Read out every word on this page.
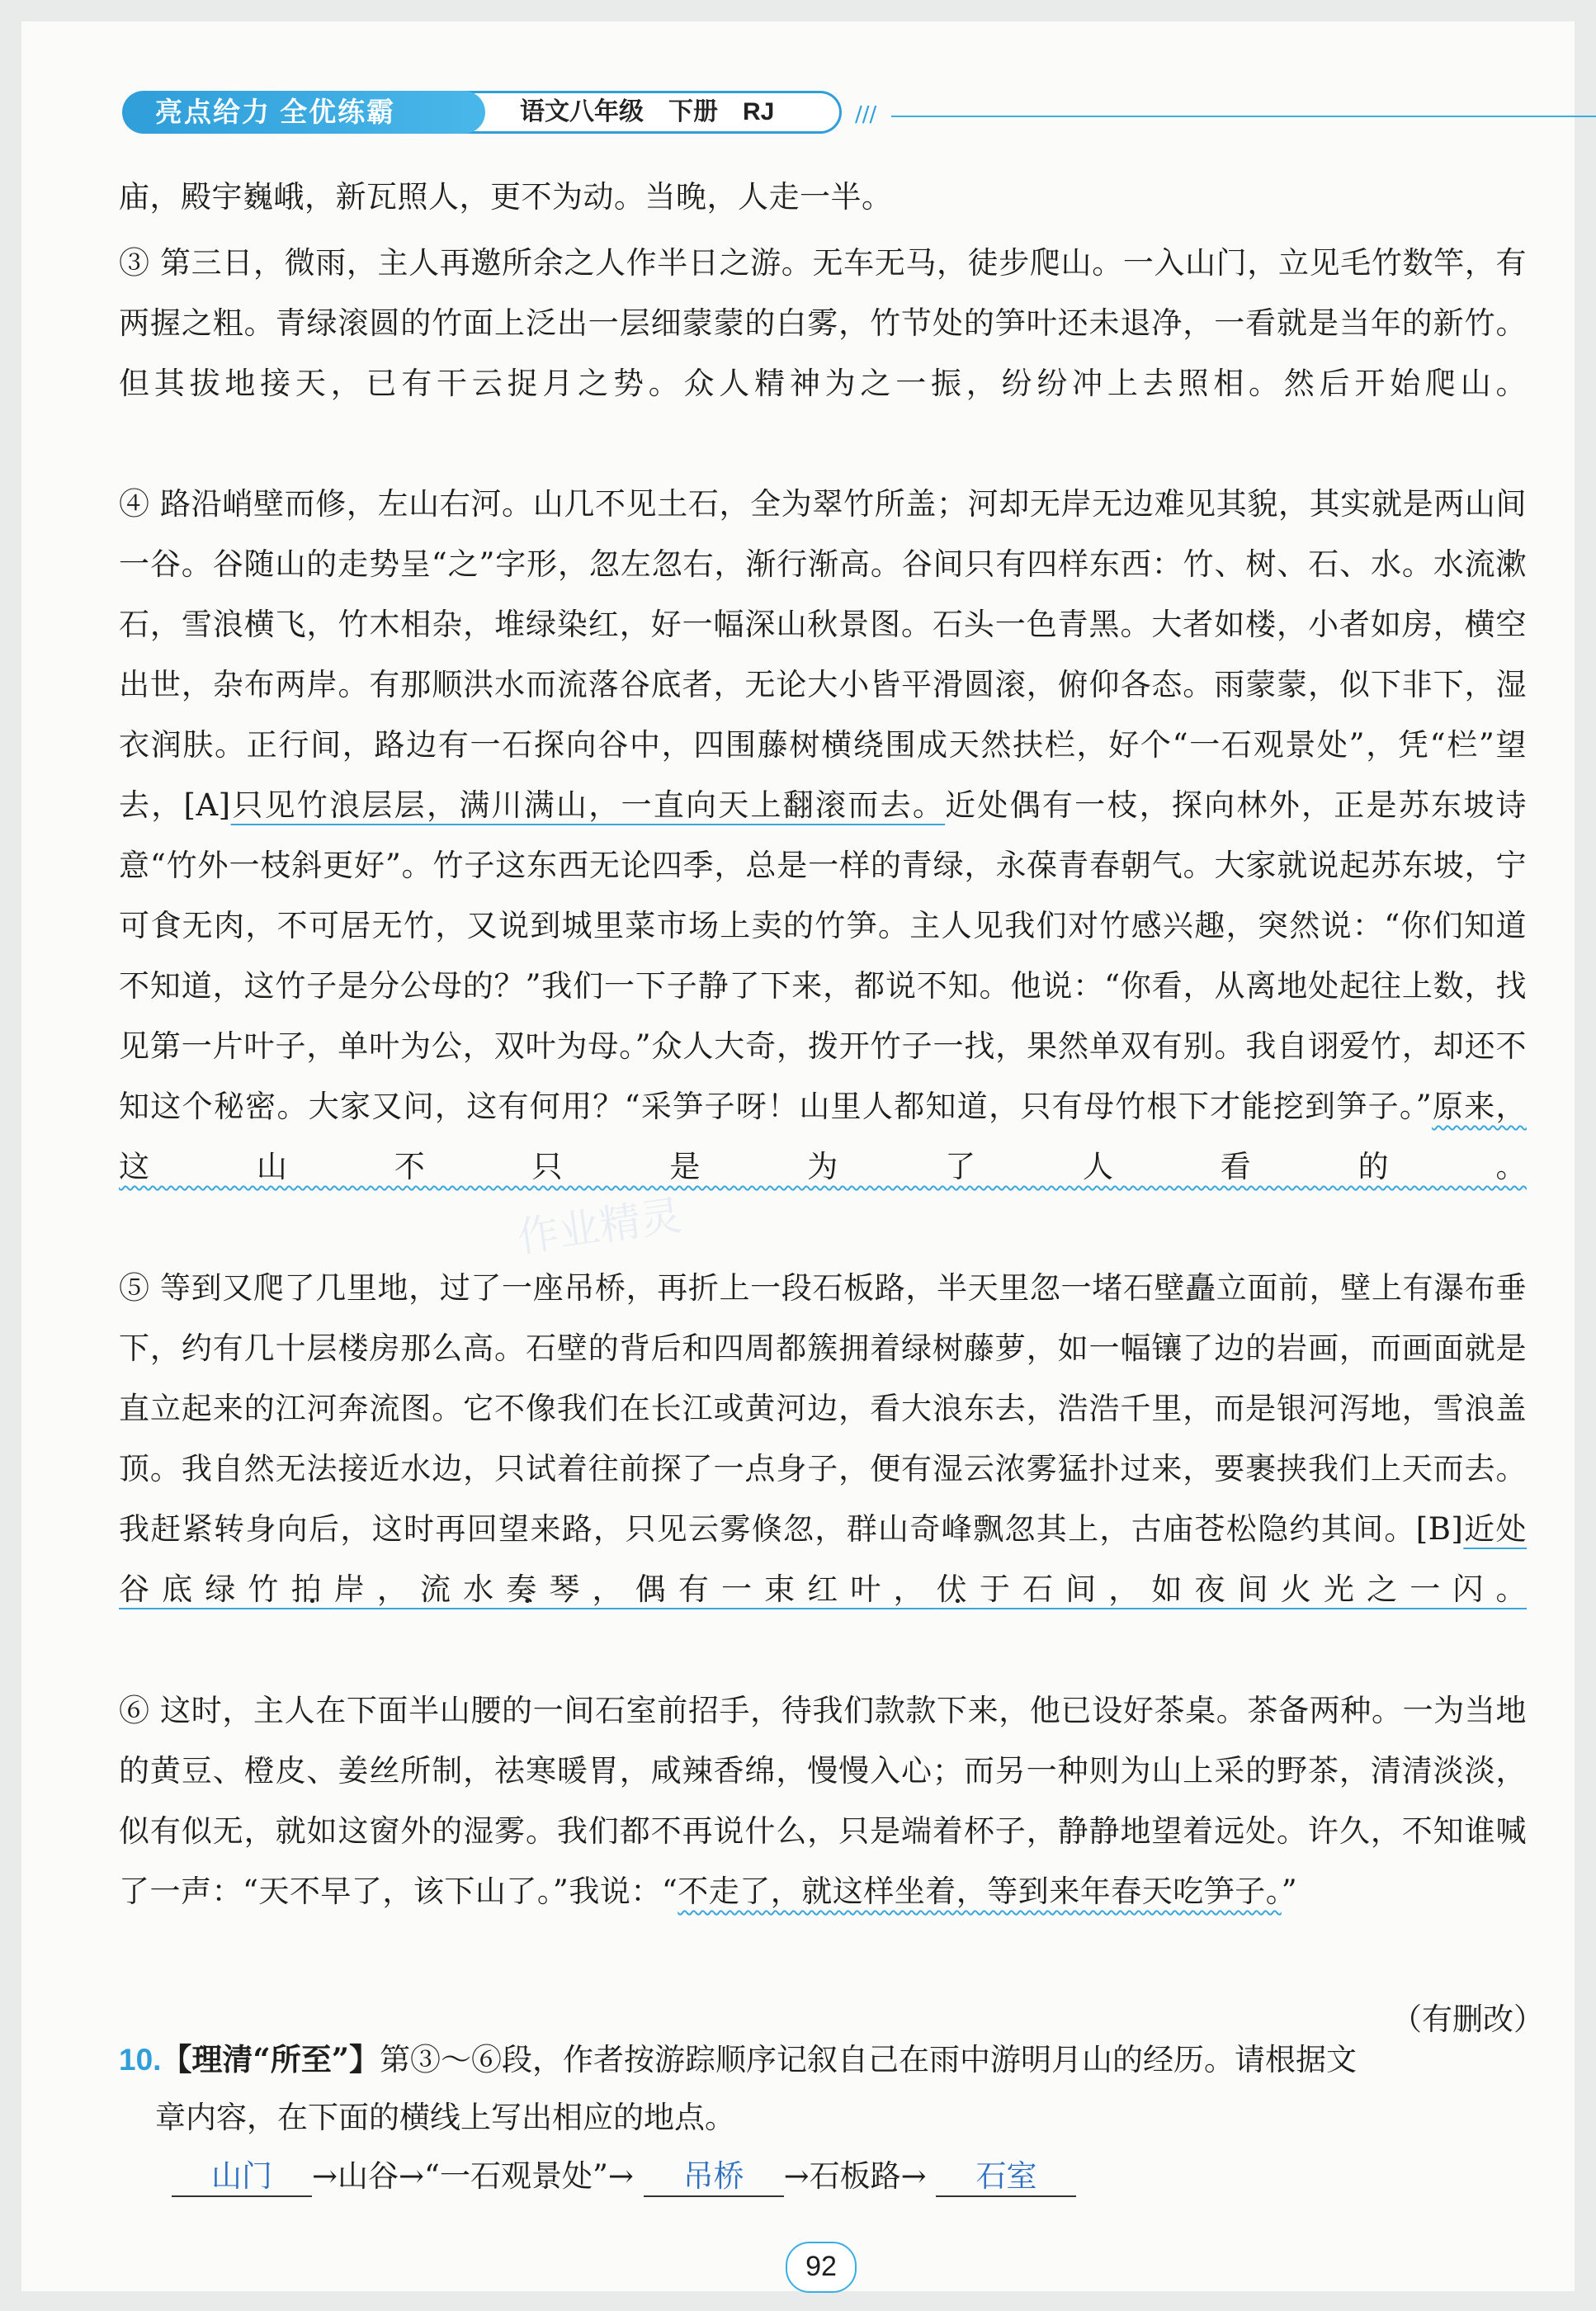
语文八年级　下册　RJ
亮点给力 全优练霸	///
庙，殿宇巍峨，新瓦照人，更不为动。当晚，人走一半。
③ 第三日，微雨，主人再邀所余之人作半日之游。无车无马，徒步爬山。一入山门，立见毛竹数竿，有两握之粗。青绿滚圆的竹面上泛出一层细蒙蒙的白雾，竹节处的笋叶还未退净，一看就是当年的新竹。但其拔地接天，已有干云捉月之势。众人精神为之一振，纷纷冲上去照相。然后开始爬山。
④ 路沿峭壁而修，左山右河。山几不见土石，全为翠竹所盖；河却无岸无边难见其貌，其实就是两山间一谷。谷随山的走势呈“之”字形，忽左忽右，渐行渐高。谷间只有四样东西：竹、树、石、水。水流漱石，雪浪横飞，竹木相杂，堆绿染红，好一幅深山秋景图。石头一色青黑。大者如楼，小者如房，横空出世，杂布两岸。有那顺洪水而流落谷底者，无论大小皆平滑圆滚，俯仰各态。雨蒙蒙，似下非下，湿衣润肤。正行间，路边有一石探向谷中，四围藤树横绕围成天然扶栏，好个“一石观景处”，凭“栏”望去，[A]只见竹浪层层，满川满山，一直向天上翻滚而去。近处偶有一枝，探向林外，正是苏东坡诗意“竹外一枝斜更好”。竹子这东西无论四季，总是一样的青绿，永葆青春朝气。大家就说起苏东坡，宁可食无肉，不可居无竹，又说到城里菜市场上卖的竹笋。主人见我们对竹感兴趣，突然说：“你们知道不知道，这竹子是分公母的？”我们一下子静了下来，都说不知。他说：“你看，从离地处起往上数，找见第一片叶子，单叶为公，双叶为母。”众人大奇，拨开竹子一找，果然单双有别。我自诩爱竹，却还不知这个秘密。大家又问，这有何用？“采笋子呀！山里人都知道，只有母竹根下才能挖到笋子。”原来，这山不只是为了人看的。
⑤ 等到又爬了几里地，过了一座吊桥，再折上一段石板路，半天里忽一堵石壁矗立面前，壁上有瀑布垂下，约有几十层楼房那么高。石壁的背后和四周都簇拥着绿树藤萝，如一幅镶了边的岩画，而画面就是直立起来的江河奔流图。它不像我们在长江或黄河边，看大浪东去，浩浩千里，而是银河泻地，雪浪盖顶。我自然无法接近水边，只试着往前探了一点身子，便有湿云浓雾猛扑过来，要裹挟我们上天而去。我赶紧转身向后，这时再回望来路，只见云雾倏忽，群山奇峰飘忽其上，古庙苍松隐约其间。[B]近处谷底绿竹拍岸，流水奏琴，偶有一束红叶，伏于石间，如夜间火光之一闪。
⑥ 这时，主人在下面半山腰的一间石室前招手，待我们款款下来，他已设好茶桌。茶备两种。一为当地的黄豆、橙皮、姜丝所制，祛寒暖胃，咸辣香绵，慢慢入心；而另一种则为山上采的野茶，清清淡淡，似有似无，就如这窗外的湿雾。我们都不再说什么，只是端着杯子，静静地望着远处。许久，不知谁喊了一声：“天不早了，该下山了。”我说：“不走了，就这样坐着，等到来年春天吃笋子。”
（有删改）
10.【理清“所至”】第③～⑥段，作者按游踪顺序记叙自己在雨中游明月山的经历。请根据文
章内容，在下面的横线上写出相应的地点。
山门 →山谷→“一石观景处”→ 吊桥 →石板路→ 石室
92
作业精灵
